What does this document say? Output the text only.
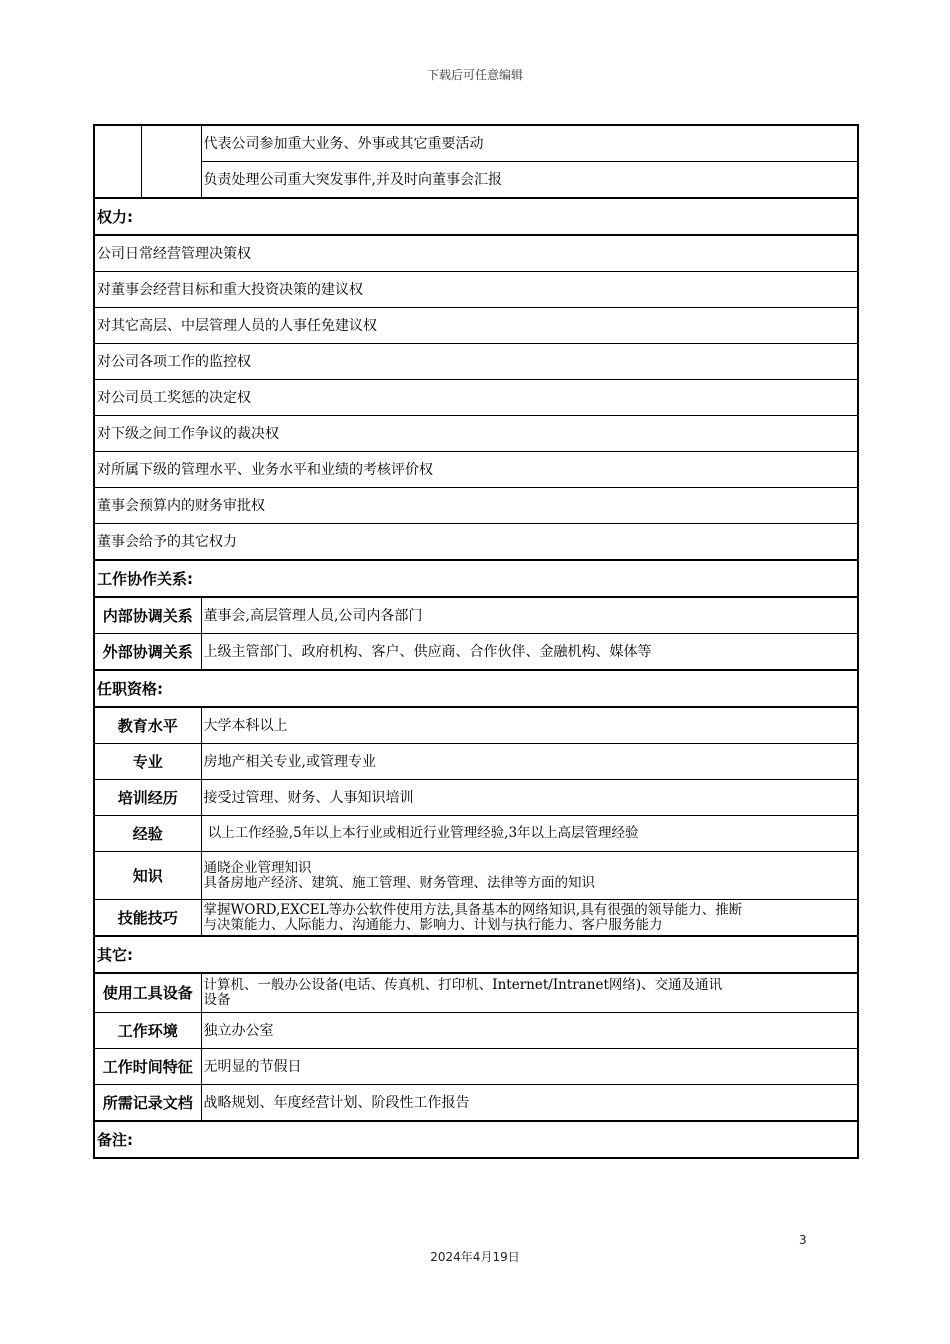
下载后可任意编辑
		代表公司参加重大业务、外事或其它重要活动
		负责处理公司重大突发事件,并及时向董事会汇报
权力:		
公司日常经营管理决策权		
对董事会经营目标和重大投资决策的建议权		
对其它高层、中层管理人员的人事任免建议权		
对公司各项工作的监控权		
对公司员工奖惩的决定权		
对下级之间工作争议的裁决权		
对所属下级的管理水平、业务水平和业绩的考核评价权		
董事会预算内的财务审批权		
董事会给予的其它权力		
工作协作关系:		
内部协调关系		董事会,高层管理人员,公司内各部门
外部协调关系		上级主管部门、政府机构、客户、供应商、合作伙伴、金融机构、媒体等
任职资格:		
教育水平		大学本科以上
专业		房地产相关专业,或管理专业
培训经历		接受过管理、财务、人事知识培训
经验		以上工作经验,5年以上本行业或相近行业管理经验,3年以上高层管理经验
知识		通晓企业管理知识
具备房地产经济、建筑、施工管理、财务管理、法律等方面的知识

技能技巧		掌握WORD,EXCEL等办公软件使用方法,具备基本的网络知识,具有很强的领导能力、推断
与决策能力、人际能力、沟通能力、影响力、计划与执行能力、客户服务能力

其它:		
使用工具设备		计算机、一般办公设备(电话、传真机、打印机、Internet/Intranet网络)、交通及通讯
设备

工作环境		独立办公室
工作时间特征		无明显的节假日
所需记录文档		战略规划、年度经营计划、阶段性工作报告
备注:		
3
2024年4月19日
